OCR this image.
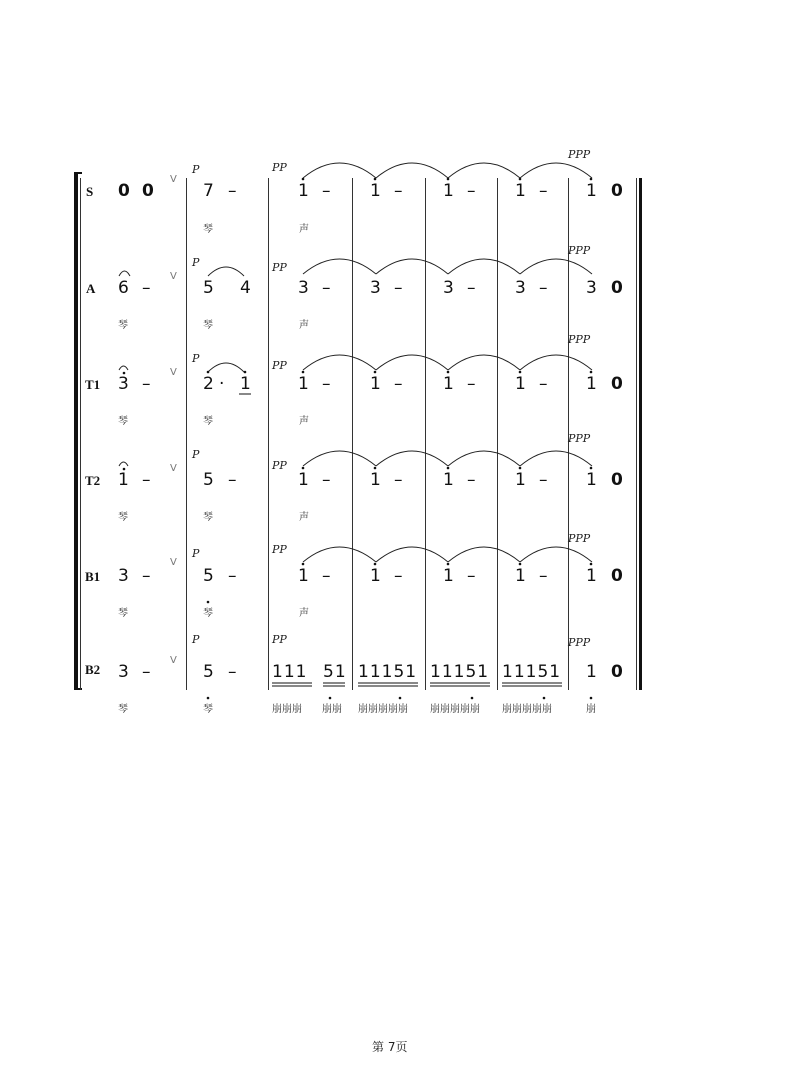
S 0 0
V
P
7 –
琴
PP
声
PPP
A 6 –
琴
V
P
5 4
琴
PP
声
PPP
T1 3 –
琴
V
P
2 · 1
琴
PP
声
PPP
T2 1 –
琴
V
P
5 –
琴
PP
声
PPP
B1 3 –
琴
V
P
5 –
琴
PP
声
PPP
B2 3 –
琴
V
P
5 –
琴
PP	PPP
111 51 11151 11151 11151 1 0
崩崩崩 崩崩 崩崩崩崩崩 崩崩崩崩崩 崩崩崩崩崩	崩
1 – 1 – 1 – 1 – 1 0
3 – 3 – 3 – 3 – 3 0
1 – 1 – 1 – 1 – 1 0
1 – 1 – 1 – 1 – 1 0
1 – 1 – 1 – 1 – 1 0
第 7页
